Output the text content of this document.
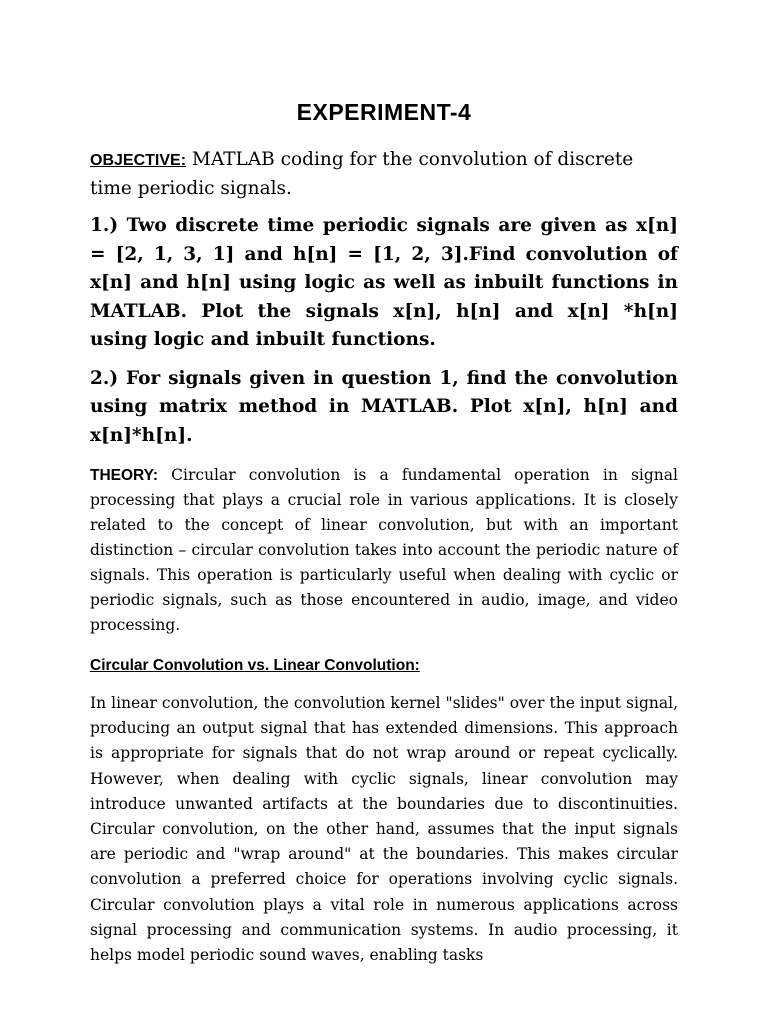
EXPERIMENT-4

OBJECTIVE: MATLAB coding for the convolution of discrete time periodic signals.

1.) Two discrete time periodic signals are given as x[n] = [2, 1, 3, 1] and h[n] = [1, 2, 3].Find convolution of x[n] and h[n] using logic as well as inbuilt functions in MATLAB. Plot the signals x[n], h[n] and x[n] *h[n] using logic and inbuilt functions.

2.) For signals given in question 1, find the convolution using matrix method in MATLAB. Plot x[n], h[n] and x[n]*h[n].

THEORY: Circular convolution is a fundamental operation in signal processing that plays a crucial role in various applications. It is closely related to the concept of linear convolution, but with an important distinction – circular convolution takes into account the periodic nature of signals. This operation is particularly useful when dealing with cyclic or periodic signals, such as those encountered in audio, image, and video processing.

Circular Convolution vs. Linear Convolution:

In linear convolution, the convolution kernel "slides" over the input signal, producing an output signal that has extended dimensions. This approach is appropriate for signals that do not wrap around or repeat cyclically. However, when dealing with cyclic signals, linear convolution may introduce unwanted artifacts at the boundaries due to discontinuities. Circular convolution, on the other hand, assumes that the input signals are periodic and "wrap around" at the boundaries. This makes circular convolution a preferred choice for operations involving cyclic signals. Circular convolution plays a vital role in numerous applications across signal processing and communication systems. In audio processing, it helps model periodic sound waves, enabling tasks
